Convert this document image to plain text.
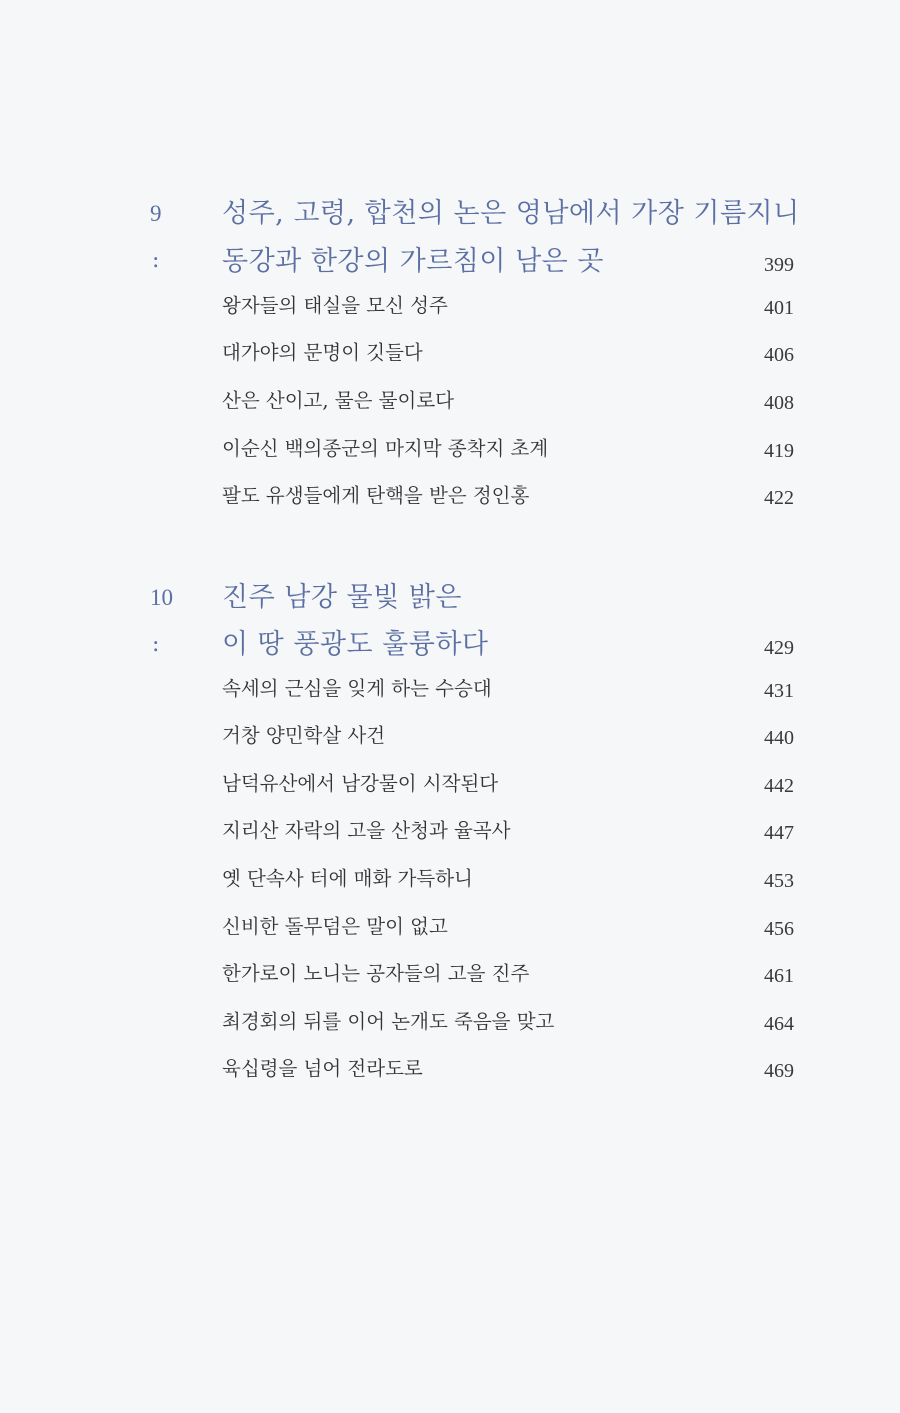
9 성주, 고령, 합천의 논은 영남에서 가장 기름지니
: 동강과 한강의 가르침이 남은 곳	399
왕자들의 태실을 모신 성주	401
대가야의 문명이 깃들다	406
산은 산이고, 물은 물이로다	408
이순신 백의종군의 마지막 종착지 초계	419
팔도 유생들에게 탄핵을 받은 정인홍	422
10 진주 남강 물빛 밝은
: 이 땅 풍광도 훌륭하다	429
속세의 근심을 잊게 하는 수승대	431
거창 양민학살 사건	440
남덕유산에서 남강물이 시작된다	442
지리산 자락의 고을 산청과 율곡사	447
옛 단속사 터에 매화 가득하니	453
신비한 돌무덤은 말이 없고	456
한가로이 노니는 공자들의 고을 진주	461
최경회의 뒤를 이어 논개도 죽음을 맞고	464
육십령을 넘어 전라도로	469
